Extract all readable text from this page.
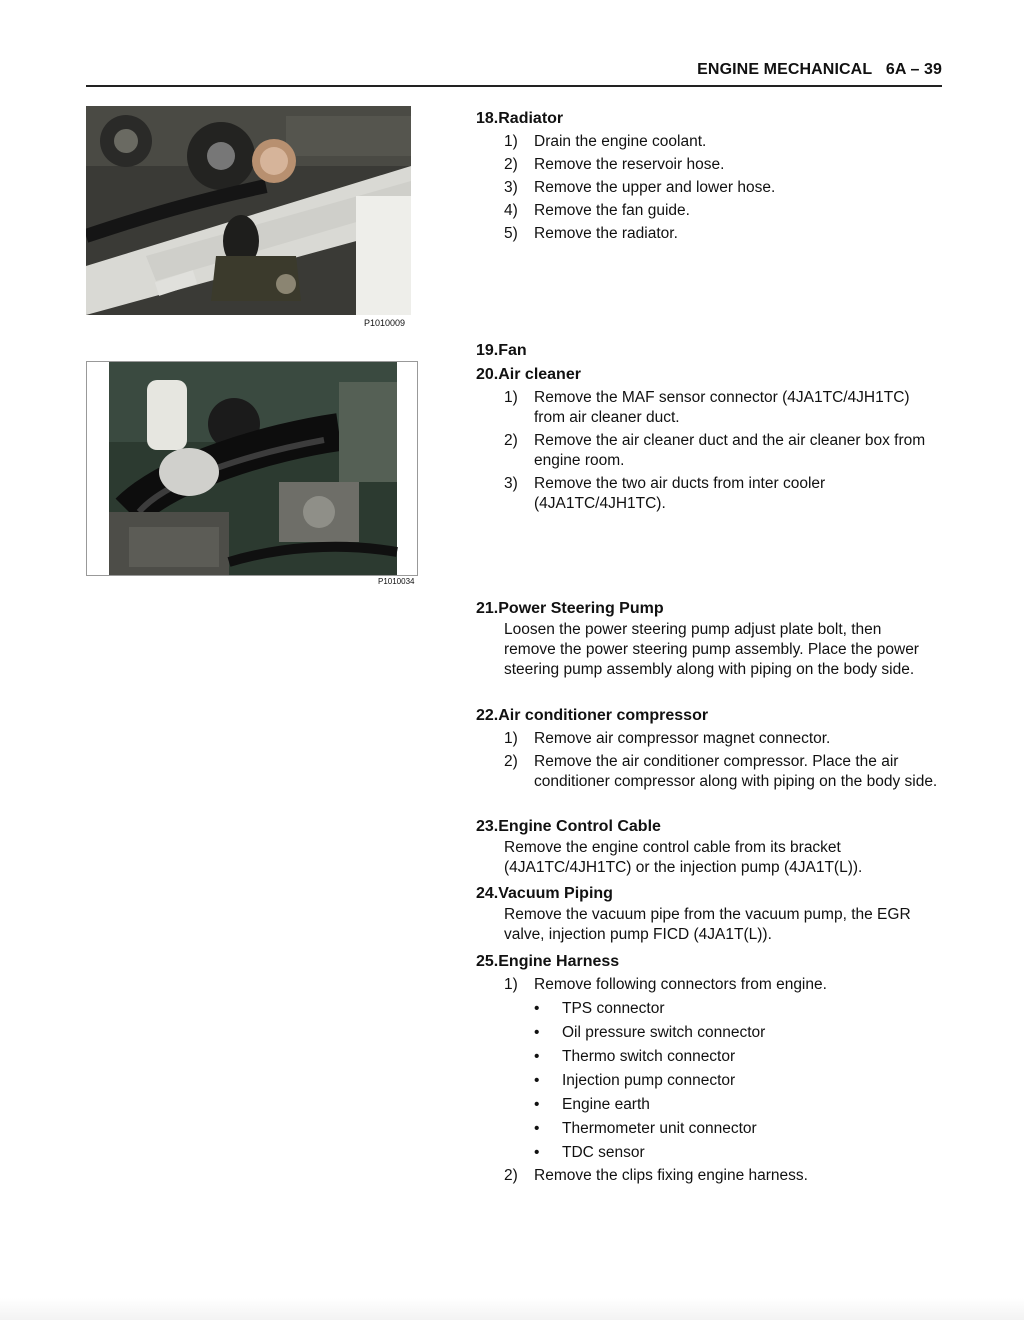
ENGINE MECHANICAL 6A – 39
P1010009
P1010034
18.Radiator
1) Drain the engine coolant.
2) Remove the reservoir hose.
3) Remove the upper and lower hose.
4) Remove the fan guide.
5) Remove the radiator.
19.Fan
20.Air cleaner
1) Remove the MAF sensor connector (4JA1TC/4JH1TC) from air cleaner duct.
2) Remove the air cleaner duct and the air cleaner box from engine room.
3) Remove the two air ducts from inter cooler (4JA1TC/4JH1TC).
21.Power Steering Pump
Loosen the power steering pump adjust plate bolt, then remove the power steering pump assembly. Place the power steering pump assembly along with piping on the body side.
22.Air conditioner compressor
1) Remove air compressor magnet connector.
2) Remove the air conditioner compressor. Place the air conditioner compressor along with piping on the body side.
23.Engine Control Cable
Remove the engine control cable from its bracket (4JA1TC/4JH1TC) or the injection pump (4JA1T(L)).
24.Vacuum Piping
Remove the vacuum pipe from the vacuum pump, the EGR valve, injection pump FICD (4JA1T(L)).
25.Engine Harness
1) Remove following connectors from engine.
• TPS connector
• Oil pressure switch connector
• Thermo switch connector
• Injection pump connector
• Engine earth
• Thermometer unit connector
• TDC sensor
2) Remove the clips fixing engine harness.
